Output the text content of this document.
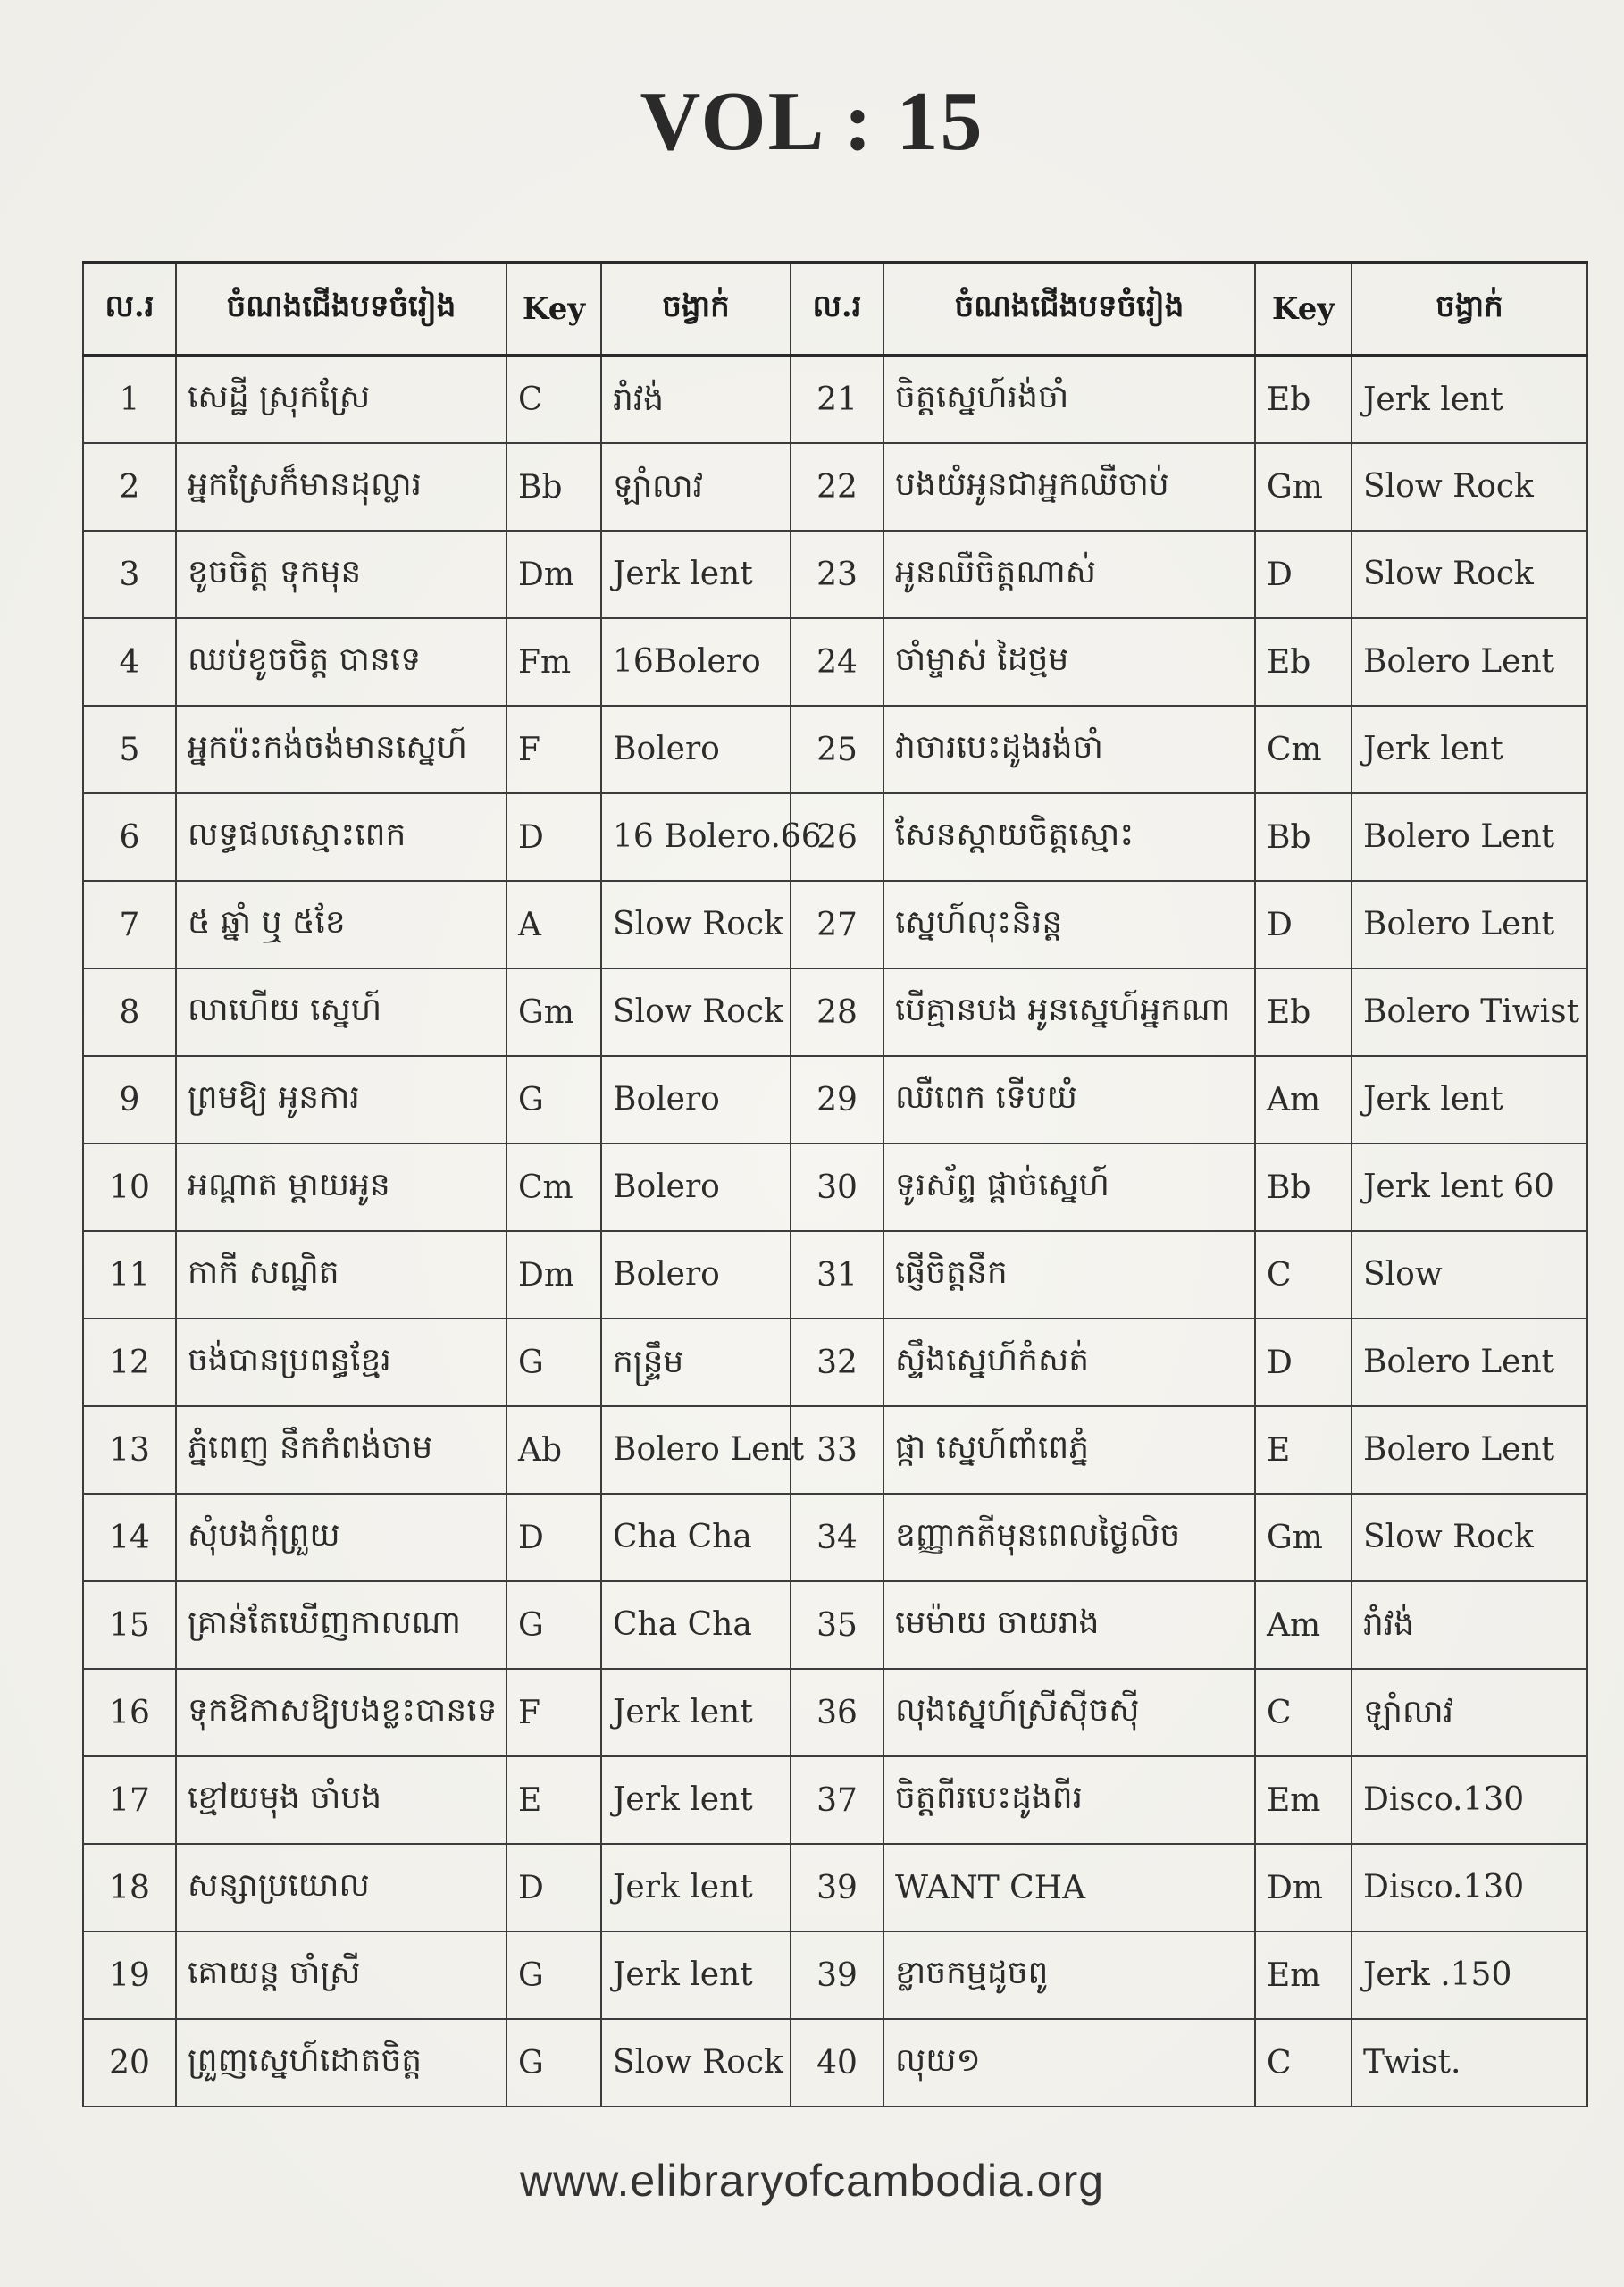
VOL : 15
ល.រ	ចំណងជើងបទចំរៀង	Key	ចង្វាក់	ល.រ	ចំណងជើងបទចំរៀង	Key	ចង្វាក់
1	សេដ្ឋី ស្រុកស្រែ	C	រាំវង់	21	ចិត្តស្នេហ៍រង់ចាំ	Eb	Jerk lent
2	អ្នកស្រែក៏មានដុល្លារ	Bb	ឡាំលាវ	22	បងយំអូនជាអ្នកឈឺចាប់	Gm	Slow Rock
3	ខូចចិត្ត ទុកមុន	Dm	Jerk lent	23	អូនឈឺចិត្តណាស់	D	Slow Rock
4	ឈប់ខូចចិត្ត បានទេ	Fm	16Bolero	24	ចាំម្ចាស់ ដៃថ្មម	Eb	Bolero Lent
5	អ្នកប៉ះកង់ចង់មានស្នេហ៍	F	Bolero	25	វាចារបេះដូងរង់ចាំ	Cm	Jerk lent
6	លទ្ធផលស្មោះពេក	D	16 Bolero.66	26	សែនស្តាយចិត្តស្មោះ	Bb	Bolero Lent
7	៥ ឆ្នាំ ឬ ៥ខែ	A	Slow Rock	27	ស្នេហ៍លុះនិរន្ត	D	Bolero Lent
8	លាហើយ ស្នេហ៍	Gm	Slow Rock	28	បើគ្មានបង អូនស្នេហ៍អ្នកណា	Eb	Bolero Tiwist
9	ព្រមឱ្យ អូនការ	G	Bolero	29	ឈឺពេក ទើបយំ	Am	Jerk lent
10	អណ្តាត ម្តាយអូន	Cm	Bolero	30	ទូរស័ព្ទ ផ្តាច់ស្នេហ៍	Bb	Jerk lent 60
11	កាកី សណ្ឋិត	Dm	Bolero	31	ផ្ញើចិត្តនឹក	C	Slow
12	ចង់បានប្រពន្ធខ្មែរ	G	កន្រ្ទឹម	32	ស្ទឹងស្នេហ៍កំសត់	D	Bolero Lent
13	ភ្នំពេញ នឹកកំពង់ចាម	Ab	Bolero Lent	33	ផ្កា ស្នេហ៍ពាំពេភ្នំ	E	Bolero Lent
14	សុំបងកុំព្រួយ	D	Cha Cha	34	ឧញ្ញាកតីមុនពេលថ្ងៃលិច	Gm	Slow Rock
15	គ្រាន់តែឃើញកាលណា	G	Cha Cha	35	មេម៉ាយ ចាយរាង	Am	រាំវង់
16	ទុកឱកាសឱ្យបងខ្លះបានទេ	F	Jerk lent	36	លុងស្នេហ៍ស្រីស៊ីចស៊ី	C	ឡាំលាវ
17	ខ្មៅយមុង ចាំបង	E	Jerk lent	37	ចិត្តពីរបេះដូងពីរ	Em	Disco.130
18	សន្សាប្រយោល	D	Jerk lent	39	WANT CHA	Dm	Disco.130
19	គោយន្ត ចាំស្រី	G	Jerk lent	39	ខ្លាចកម្មដូចពូ	Em	Jerk .150
20	ព្រួញស្នេហ៍ដោតចិត្ត	G	Slow Rock	40	លុយ១	C	Twist.
www.elibraryofcambodia.org
